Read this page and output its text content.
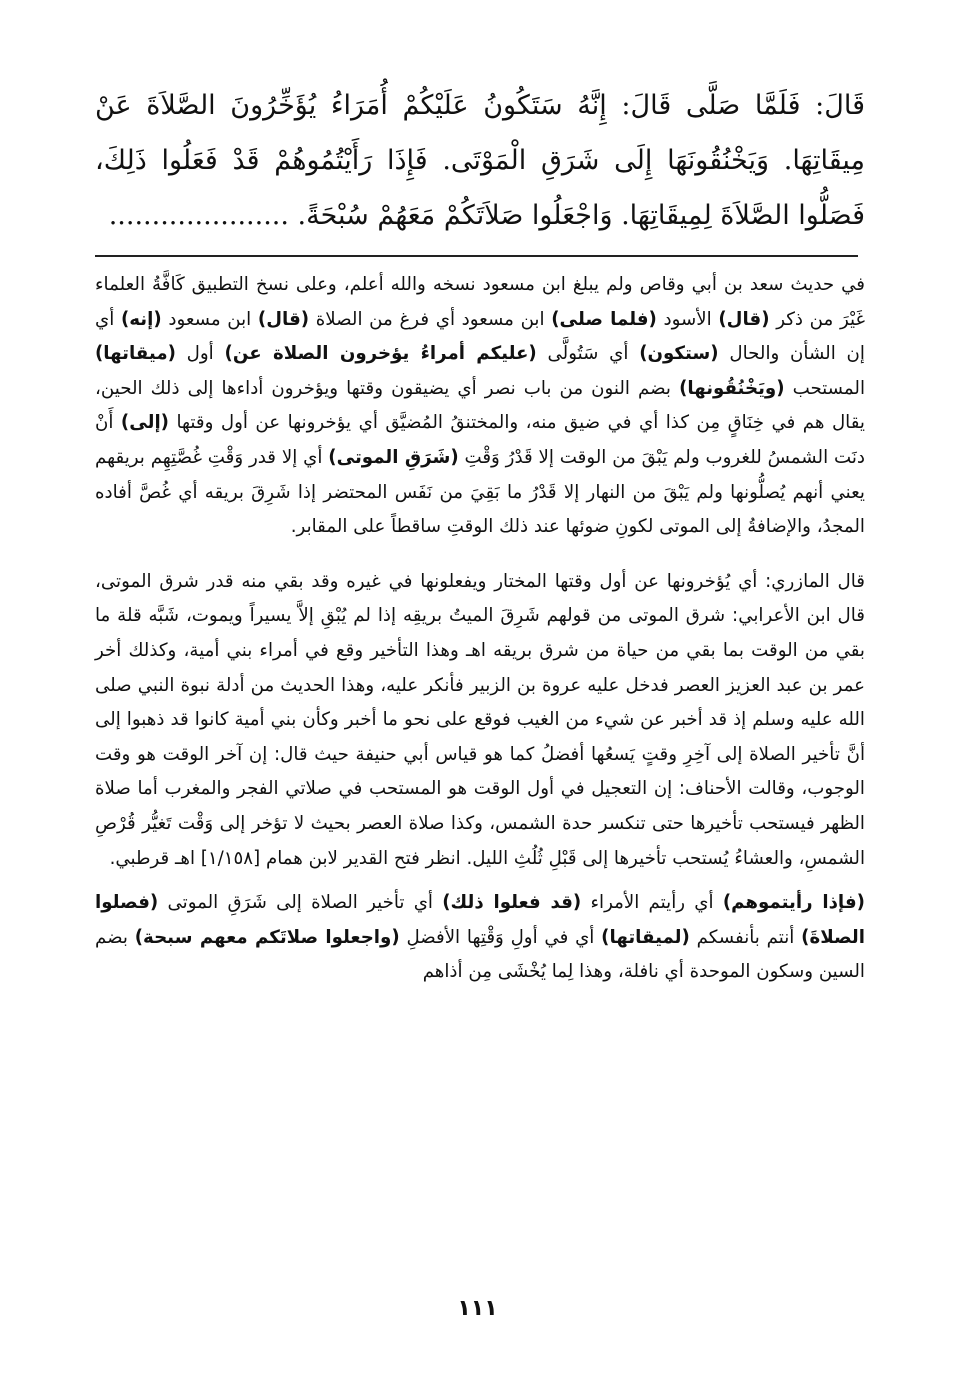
قَالَ: فَلَمَّا صَلَّى قَالَ: إِنَّهُ سَتَكُونُ عَلَيْكُمْ أُمَرَاءُ يُؤَخِّرُونَ الصَّلاَةَ عَنْ مِيقَاتِهَا. وَيَخْنُقُونَهَا إِلَى شَرَقِ الْمَوْتَى. فَإِذَا رَأَيْتُمُوهُمْ قَدْ فَعَلُوا ذَلِكَ، فَصَلُّوا الصَّلاَةَ لِمِيقَاتِهَا. وَاجْعَلُوا صَلاَتَكُمْ مَعَهُمْ سُبْحَةً. .....................

في حديث سعد بن أبي وقاص ولم يبلغ ابن مسعود نسخه والله أعلم، وعلى نسخ التطبيق كَافَّةُ العلماء غَيْرَ من ذكر (قال) الأسود (فلما صلى) ابن مسعود أي فرغ من الصلاة (قال) ابن مسعود (إنه) أي إن الشأن والحال (ستكون) أي سَتُولَّى (عليكم أمراءُ يؤخرون الصلاة عن) أول (ميقاتها) المستحب (ويَخْنُقُونها) بضم النون من باب نصر أي يضيقون وقتها ويؤخرون أداءها إلى ذلك الحين، يقال هم في خِنَاقٍ مِن كذا أي في ضيق منه، والمختنقُ المُضيَّق أي يؤخرونها عن أول وقتها (إلى) أَنْ دنَت الشمسُ للغروب ولم يَبْقَ من الوقت إلا قَدْرُ وَقْتِ (شَرَقِ الموتى) أي إلا قدر وَقْتِ غُصَّتِهِم بريقهم يعني أنهم يُصلُّونها ولم يَبْقَ من النهار إلا قَدْرُ ما بَقِيَ من نَفَس المحتضر إذا شَرِقَ بريقه أي غُصَّ أفاده المجدُ، والإضافةُ إلى الموتى لكونِ ضوئها عند ذلك الوقتِ ساقطاً على المقابر.

قال المازري: أي يُؤخرونها عن أول وقتها المختار ويفعلونها في غيره وقد بقي منه قدر شرق الموتى، قال ابن الأعرابي: شرق الموتى من قولهم شَرِقَ الميتُ بريقِه إذا لم يُبْقِ إلاَّ يسيراً ويموت، شَبَّه قلة ما بقي من الوقت بما بقي من حياة من شرق بريقه اهـ وهذا التأخير وقع في أمراء بني أمية، وكذلك أخر عمر بن عبد العزيز العصر فدخل عليه عروة بن الزبير فأنكر عليه، وهذا الحديث من أدلة نبوة النبي صلى الله عليه وسلم إذ قد أخبر عن شيء من الغيب فوقع على نحو ما أخبر وكأن بني أمية كانوا قد ذهبوا إلى أنَّ تأخير الصلاة إلى آخِرِ وقتٍ يَسعُها أفضلُ كما هو قياس أبي حنيفة حيث قال: إن آخر الوقت هو وقت الوجوب، وقالت الأحناف: إن التعجيل في أول الوقت هو المستحب في صلاتي الفجر والمغرب أما صلاة الظهر فيستحب تأخيرها حتى تنكسر حدة الشمس، وكذا صلاة العصر بحيث لا تؤخر إلى وَقْت تَغيُّر قُرْصِ الشمسِ، والعشاءُ يُستحب تأخيرها إلى قَبْلِ ثُلُثِ الليل. انظر فتح القدير لابن همام [١/١٥٨] اهـ قرطبي.

(فإذا رأيتموهم) أي رأيتم الأمراء (قد فعلوا ذلك) أي تأخير الصلاة إلى شَرَقِ الموتى (فصلوا الصلاةَ) أنتم بأنفسكم (لميقاتها) أي في أولِ وَقْتِها الأفضلِ (واجعلوا صلاتَكم معهم سبحة) بضم السين وسكون الموحدة أي نافلة، وهذا لِما يُخْشَى مِن أذاهم

١١١
